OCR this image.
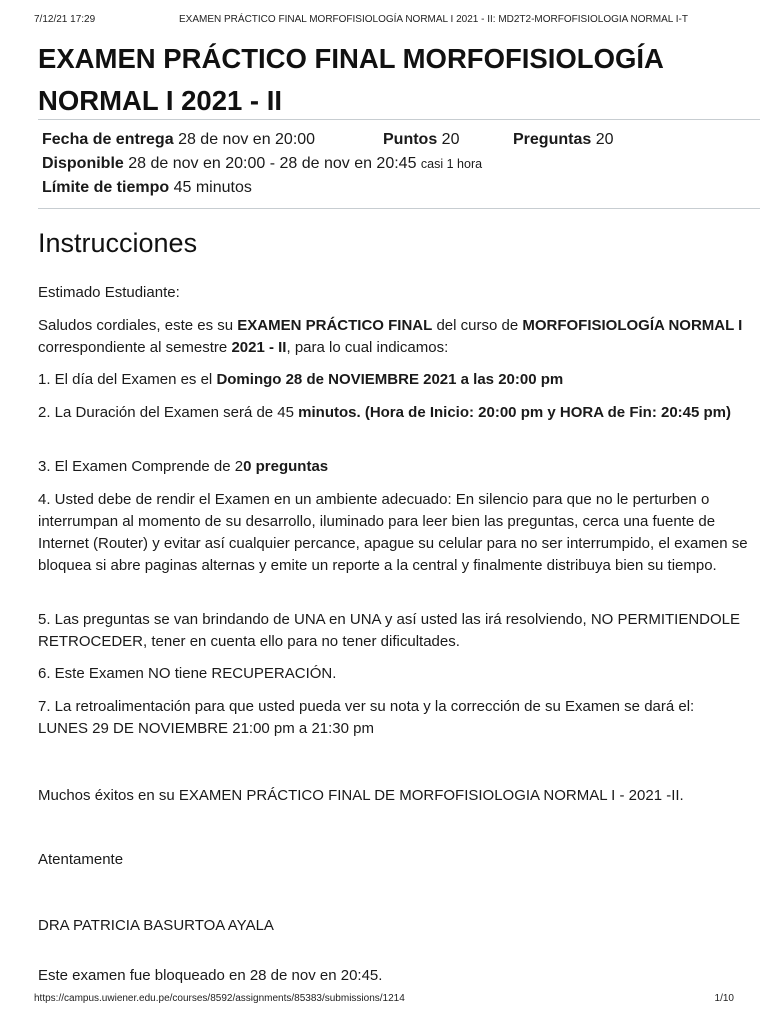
7/12/21 17:29	EXAMEN PRÁCTICO FINAL MORFOFISIOLOGÍA NORMAL I 2021 - II: MD2T2-MORFOFISIOLOGIA NORMAL I-T
EXAMEN PRÁCTICO FINAL MORFOFISIOLOGÍA NORMAL I 2021 - II
Fecha de entrega 28 de nov en 20:00	Puntos 20	Preguntas 20
Disponible 28 de nov en 20:00 - 28 de nov en 20:45 casi 1 hora
Límite de tiempo 45 minutos
Instrucciones

Estimado Estudiante:

Saludos cordiales, este es su EXAMEN PRÁCTICO FINAL del curso de MORFOFISIOLOGÍA NORMAL I correspondiente al semestre 2021 - II, para lo cual indicamos:

1. El día del Examen es el Domingo 28 de NOVIEMBRE 2021 a las 20:00 pm

2. La Duración del Examen será de 45 minutos. (Hora de Inicio: 20:00 pm y HORA de Fin: 20:45 pm)

3. El Examen Comprende de 20 preguntas

4. Usted debe de rendir el Examen en un ambiente adecuado: En silencio para que no le perturben o interrumpan al momento de su desarrollo, iluminado para leer bien las preguntas, cerca una fuente de Internet (Router) y evitar así cualquier percance, apague su celular para no ser interrumpido, el examen se bloquea si abre paginas alternas y emite un reporte a la central y finalmente distribuya bien su tiempo.

5. Las preguntas se van brindando de UNA en UNA y así usted las irá resolviendo, NO PERMITIENDOLE RETROCEDER, tener en cuenta ello para no tener dificultades.

6. Este Examen NO tiene RECUPERACIÓN.

7. La retroalimentación para que usted pueda ver su nota y la corrección de su Examen se dará el: LUNES 29 DE NOVIEMBRE 21:00 pm a 21:30 pm

Muchos éxitos en su EXAMEN PRÁCTICO FINAL DE MORFOFISIOLOGIA NORMAL I - 2021 -II.

Atentamente

DRA PATRICIA BASURTOA AYALA

Este examen fue bloqueado en 28 de nov en 20:45.

https://campus.uwiener.edu.pe/courses/8592/assignments/85383/submissions/1214	1/10
